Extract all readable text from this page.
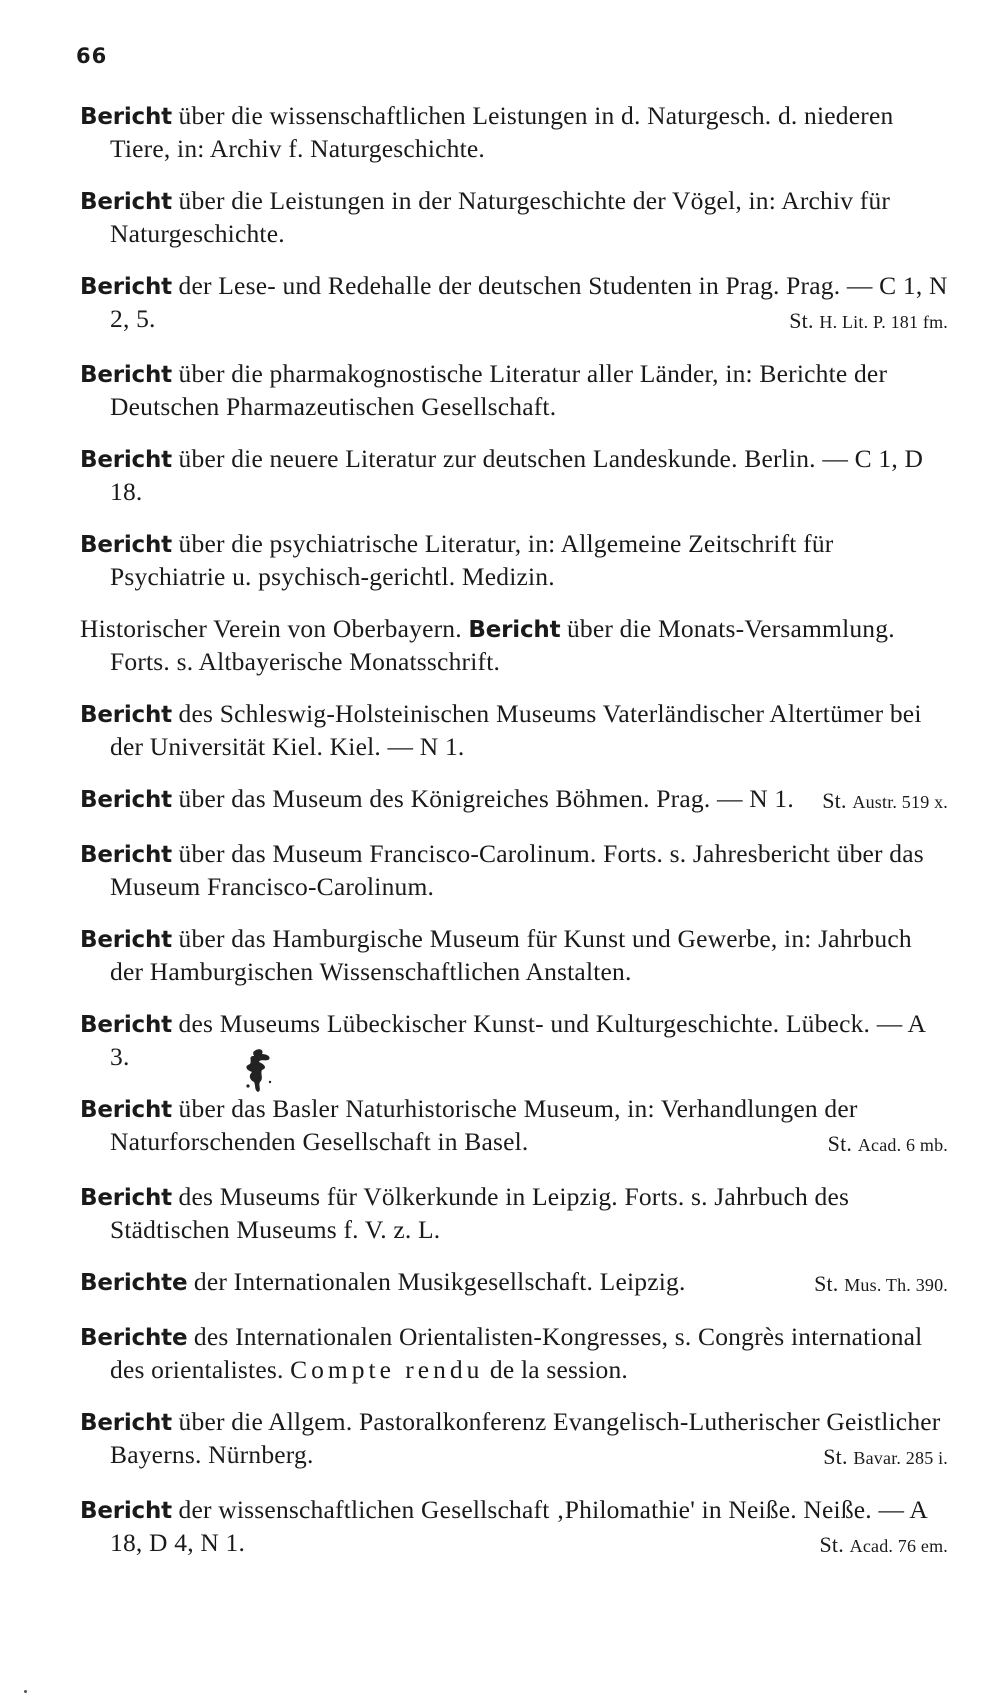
66
Bericht über die wissenschaftlichen Leistungen in d. Naturgesch. d. niederen Tiere, in: Archiv f. Naturgeschichte.
Bericht über die Leistungen in der Naturgeschichte der Vögel, in: Archiv für Naturgeschichte.
Bericht der Lese- und Redehalle der deutschen Studenten in Prag. Prag. — C 1, N 2, 5.	St. H. Lit. P. 181 fm.
Bericht über die pharmakognostische Literatur aller Länder, in: Berichte der Deutschen Pharmazeutischen Gesellschaft.
Bericht über die neuere Literatur zur deutschen Landeskunde. Berlin. — C 1, D 18.
Bericht über die psychiatrische Literatur, in: Allgemeine Zeitschrift für Psychiatrie u. psychisch-gerichtl. Medizin.
Historischer Verein von Oberbayern. Bericht über die Monats-Versammlung. Forts. s. Altbayerische Monatsschrift.
Bericht des Schleswig-Holsteinischen Museums Vaterländischer Altertümer bei der Universität Kiel. Kiel. — N 1.
Bericht über das Museum des Königreiches Böhmen. Prag. — N 1. St. Austr. 519 x.
Bericht über das Museum Francisco-Carolinum. Forts. s. Jahresbericht über das Museum Francisco-Carolinum.
Bericht über das Hamburgische Museum für Kunst und Gewerbe, in: Jahrbuch der Hamburgischen Wissenschaftlichen Anstalten.
Bericht des Museums Lübeckischer Kunst- und Kulturgeschichte. Lübeck. — A 3.
Bericht über das Basler Naturhistorische Museum, in: Verhandlungen der Naturforschenden Gesellschaft in Basel.	St. Acad. 6 mb.
Bericht des Museums für Völkerkunde in Leipzig. Forts. s. Jahrbuch des Städtischen Museums f. V. z. L.
Berichte der Internationalen Musikgesellschaft. Leipzig.	St. Mus. Th. 390.
Berichte des Internationalen Orientalisten-Kongresses, s. Congrès international des orientalistes. Compte rendu de la session.
Bericht über die Allgem. Pastoralkonferenz Evangelisch-Lutherischer Geistlicher Bayerns. Nürnberg.	St. Bavar. 285 i.
Bericht der wissenschaftlichen Gesellschaft ‚Philomathie' in Neiße. Neiße. — A 18, D 4, N 1.	St. Acad. 76 em.
